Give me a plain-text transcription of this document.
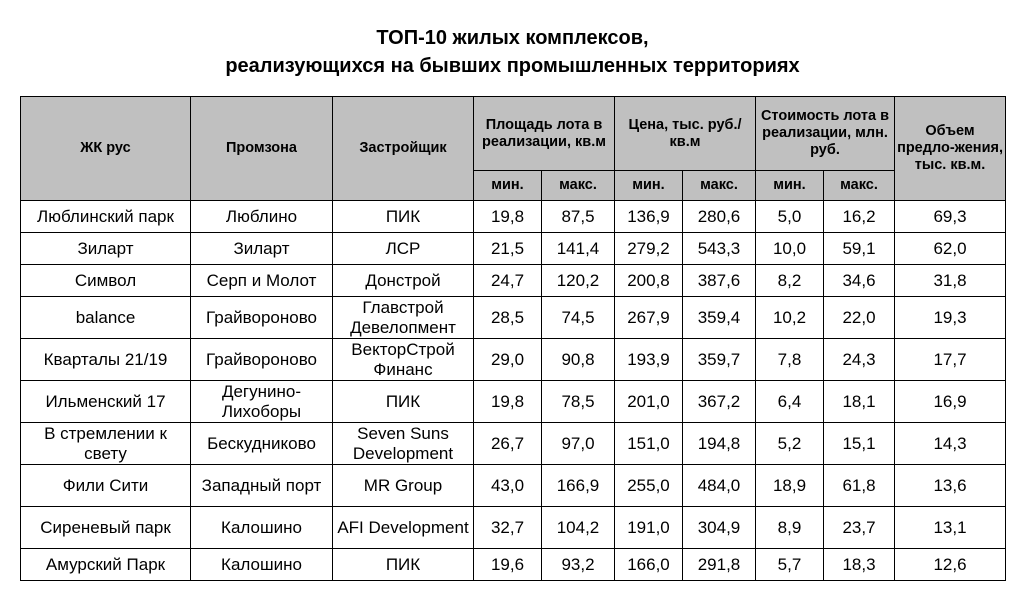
ТОП-10 жилых комплексов,
реализующихся на бывших промышленных территориях
ЖК рус	Промзона	Застройщик	Площадь лота в реализации, кв.м		Цена, тыс. руб./кв.м		Стоимость лота в реализации, млн. руб.		Объем предло-жения, тыс. кв.м.
			мин.	макс.	мин.	макс.	мин.	макс.	
Люблинский парк	Люблино	ПИК	19,8	87,5	136,9	280,6	5,0	16,2	69,3
Зиларт	Зиларт	ЛСР	21,5	141,4	279,2	543,3	10,0	59,1	62,0
Символ	Серп и Молот	Донстрой	24,7	120,2	200,8	387,6	8,2	34,6	31,8
balance	Грайвороново	Главстрой Девелопмент	28,5	74,5	267,9	359,4	10,2	22,0	19,3
Кварталы 21/19	Грайвороново	ВекторСтрой Финанс	29,0	90,8	193,9	359,7	7,8	24,3	17,7
Ильменский 17	Дегунино-Лихоборы	ПИК	19,8	78,5	201,0	367,2	6,4	18,1	16,9
В стремлении к свету	Бескудниково	Seven Suns Development	26,7	97,0	151,0	194,8	5,2	15,1	14,3
Фили Сити	Западный порт	MR Group	43,0	166,9	255,0	484,0	18,9	61,8	13,6
Сиреневый парк	Калошино	AFI Development	32,7	104,2	191,0	304,9	8,9	23,7	13,1
Амурский Парк	Калошино	ПИК	19,6	93,2	166,0	291,8	5,7	18,3	12,6
